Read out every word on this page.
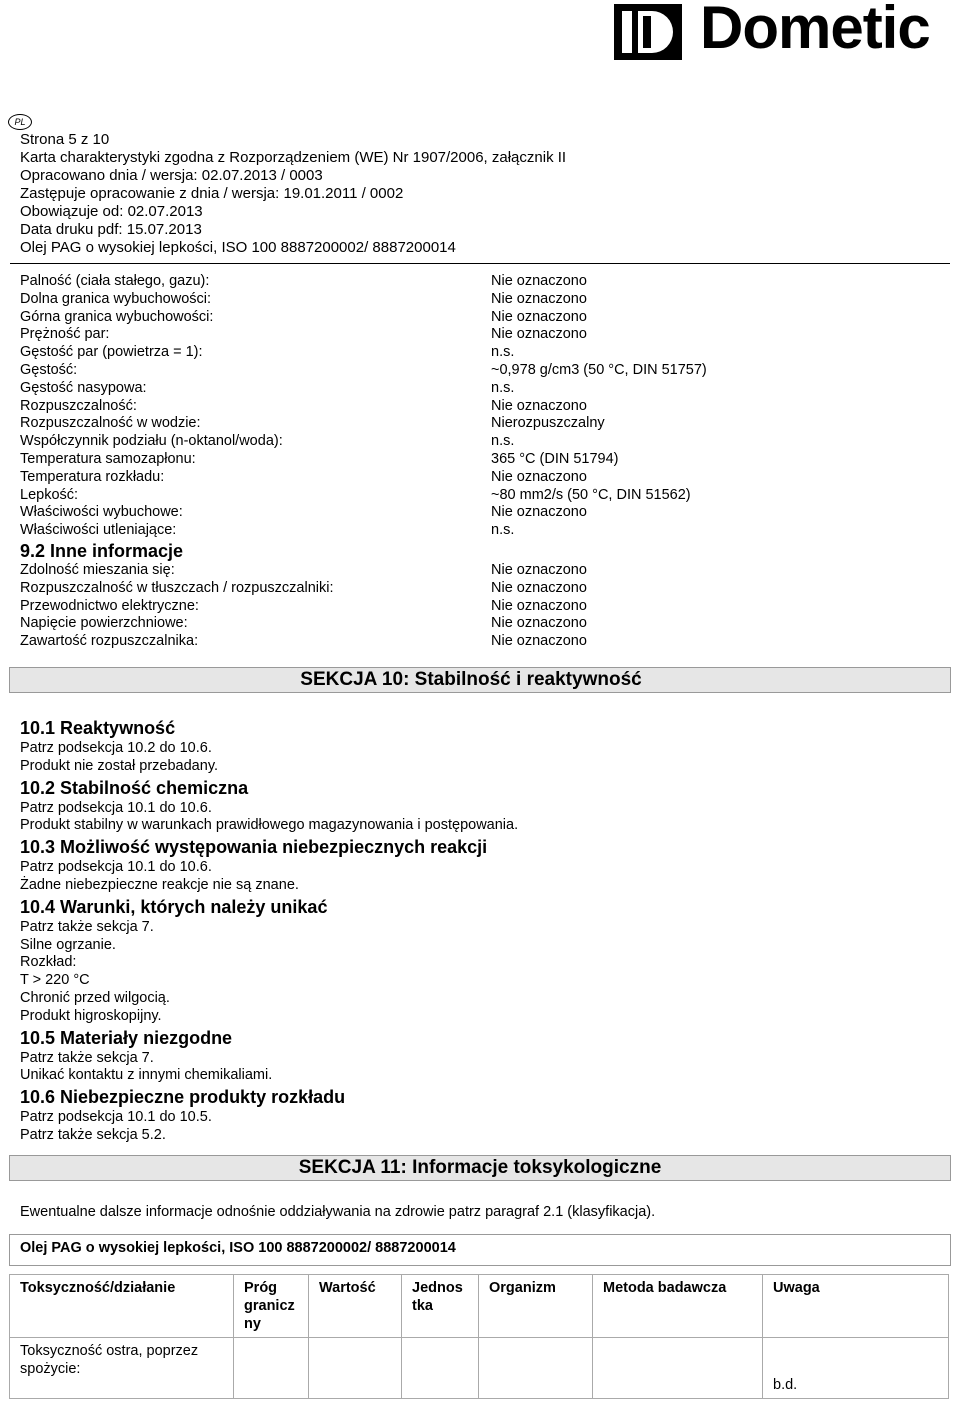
Dometic
PL
Strona 5 z 10
Karta charakterystyki zgodna z Rozporządzeniem (WE) Nr 1907/2006, załącznik II
Opracowano dnia / wersja: 02.07.2013 / 0003
Zastępuje opracowanie z dnia / wersja: 19.01.2011 / 0002
Obowiązuje od: 02.07.2013
Data druku pdf: 15.07.2013
Olej PAG o wysokiej lepkości, ISO 100 8887200002/ 8887200014
Palność (ciała stałego, gazu):	Nie oznaczono
Dolna granica wybuchowości:	Nie oznaczono
Górna granica wybuchowości:	Nie oznaczono
Prężność par:	Nie oznaczono
Gęstość par (powietrza = 1):	n.s.
Gęstość:	~0,978 g/cm3 (50 °C, DIN 51757)
Gęstość nasypowa:	n.s.
Rozpuszczalność:	Nie oznaczono
Rozpuszczalność w wodzie:	Nierozpuszczalny
Współczynnik podziału (n-oktanol/woda):	n.s.
Temperatura samozapłonu:	365 °C (DIN 51794)
Temperatura rozkładu:	Nie oznaczono
Lepkość:	~80 mm2/s (50 °C, DIN 51562)
Właściwości wybuchowe:	Nie oznaczono
Właściwości utleniające:	n.s.
9.2 Inne informacje
Zdolność mieszania się:	Nie oznaczono
Rozpuszczalność w tłuszczach / rozpuszczalniki:	Nie oznaczono
Przewodnictwo elektryczne:	Nie oznaczono
Napięcie powierzchniowe:	Nie oznaczono
Zawartość rozpuszczalnika:	Nie oznaczono
SEKCJA 10: Stabilność i reaktywność
10.1 Reaktywność
Patrz podsekcja 10.2 do 10.6.
Produkt nie został przebadany.
10.2 Stabilność chemiczna
Patrz podsekcja 10.1 do 10.6.
Produkt stabilny w warunkach prawidłowego magazynowania i postępowania.
10.3 Możliwość występowania niebezpiecznych reakcji
Patrz podsekcja 10.1 do 10.6.
Żadne niebezpieczne reakcje nie są znane.
10.4 Warunki, których należy unikać
Patrz także sekcja 7.
Silne ogrzanie.
Rozkład:
T > 220 °C
Chronić przed wilgocią.
Produkt higroskopijny.
10.5 Materiały niezgodne
Patrz także sekcja 7.
Unikać kontaktu z innymi chemikaliami.
10.6 Niebezpieczne produkty rozkładu
Patrz podsekcja 10.1 do 10.5.
Patrz także sekcja 5.2.
SEKCJA 11: Informacje toksykologiczne
Ewentualne dalsze informacje odnośnie oddziaływania na zdrowie patrz paragraf 2.1 (klasyfikacja).
Olej PAG o wysokiej lepkości, ISO 100 8887200002/ 8887200014
Toksyczność/działanie	Próg granicz ny	Wartość	Jednos tka	Organizm	Metoda badawcza	Uwaga
Toksyczność ostra, poprzez spożycie:						b.d.
